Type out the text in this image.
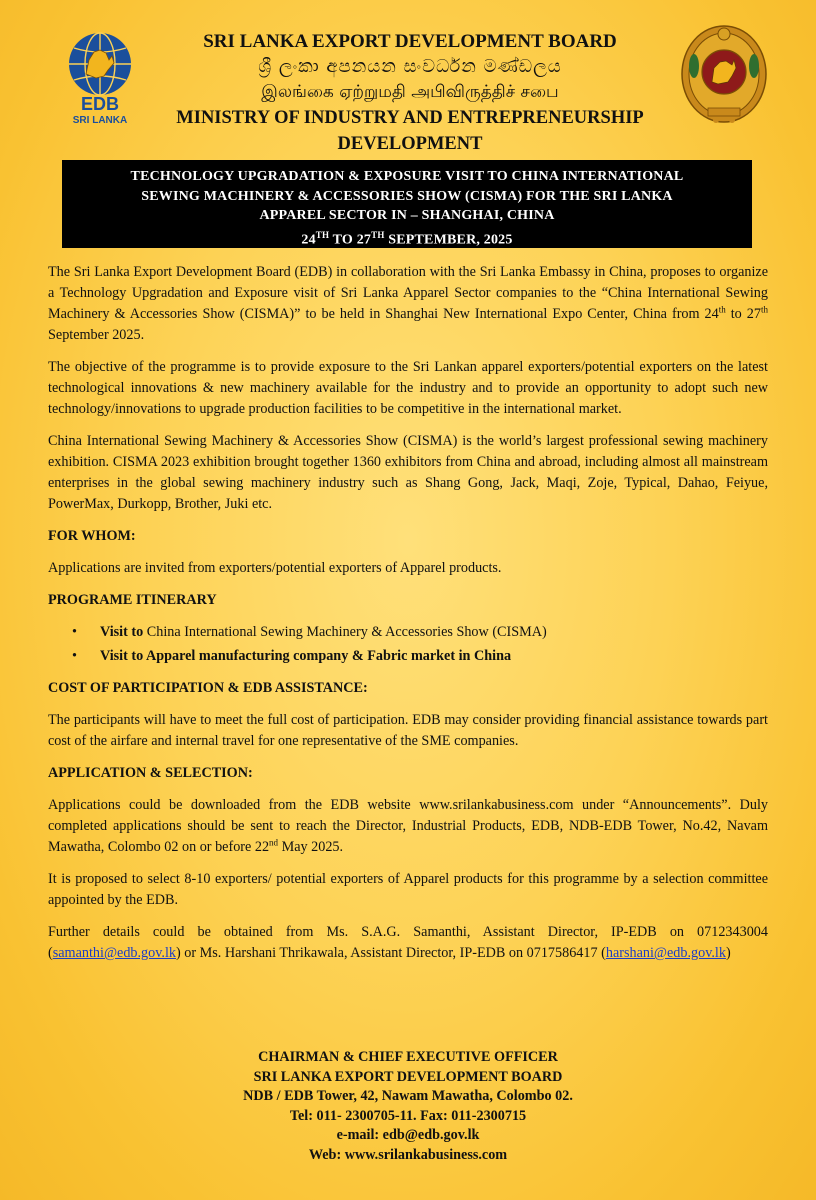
EDB
SRI LANKA
SRI LANKA EXPORT DEVELOPMENT BOARD
ශ්‍රී ලංකා අපනයන සංවර්ධන මණ්ඩලය
இலங்கை ஏற்றுமதி அபிவிருத்திச் சபை
MINISTRY OF INDUSTRY AND ENTREPRENEURSHIP
DEVELOPMENT
TECHNOLOGY UPGRADATION & EXPOSURE VISIT TO CHINA INTERNATIONAL
SEWING MACHINERY & ACCESSORIES SHOW (CISMA) FOR THE SRI LANKA
APPAREL SECTOR IN – SHANGHAI, CHINA
24TH TO 27TH SEPTEMBER, 2025

The Sri Lanka Export Development Board (EDB) in collaboration with the Sri Lanka Embassy in China, proposes to organize a Technology Upgradation and Exposure visit of Sri Lanka Apparel Sector companies to the “China International Sewing Machinery & Accessories Show (CISMA)” to be held in Shanghai New International Expo Center, China from 24th to 27th September 2025.

The objective of the programme is to provide exposure to the Sri Lankan apparel exporters/potential exporters on the latest technological innovations & new machinery available for the industry and to provide an opportunity to adopt such new technology/innovations to upgrade production facilities to be competitive in the international market.

China International Sewing Machinery & Accessories Show (CISMA) is the world’s largest professional sewing machinery exhibition. CISMA 2023 exhibition brought together 1360 exhibitors from China and abroad, including almost all mainstream enterprises in the global sewing machinery industry such as Shang Gong, Jack, Maqi, Zoje, Typical, Dahao, Feiyue, PowerMax, Durkopp, Brother, Juki etc.

FOR WHOM:

Applications are invited from exporters/potential exporters of Apparel products.

PROGRAME ITINERARY
• Visit to China International Sewing Machinery & Accessories Show (CISMA)
• Visit to Apparel manufacturing company & Fabric market in China
COST OF PARTICIPATION & EDB ASSISTANCE:

The participants will have to meet the full cost of participation. EDB may consider providing financial assistance towards part cost of the airfare and internal travel for one representative of the SME companies.

APPLICATION & SELECTION:

Applications could be downloaded from the EDB website www.srilankabusiness.com under “Announcements”. Duly completed applications should be sent to reach the Director, Industrial Products, EDB, NDB-EDB Tower, No.42, Navam Mawatha, Colombo 02 on or before 22nd May 2025.

It is proposed to select 8-10 exporters/ potential exporters of Apparel products for this programme by a selection committee appointed by the EDB.

Further details could be obtained from Ms. S.A.G. Samanthi, Assistant Director, IP-EDB on 0712343004 (samanthi@edb.gov.lk) or Ms. Harshani Thrikawala, Assistant Director, IP-EDB on 0717586417 (harshani@edb.gov.lk)

CHAIRMAN & CHIEF EXECUTIVE OFFICER
SRI LANKA EXPORT DEVELOPMENT BOARD
NDB / EDB Tower, 42, Nawam Mawatha, Colombo 02.
Tel: 011- 2300705-11. Fax: 011-2300715
e-mail: edb@edb.gov.lk
Web: www.srilankabusiness.com
